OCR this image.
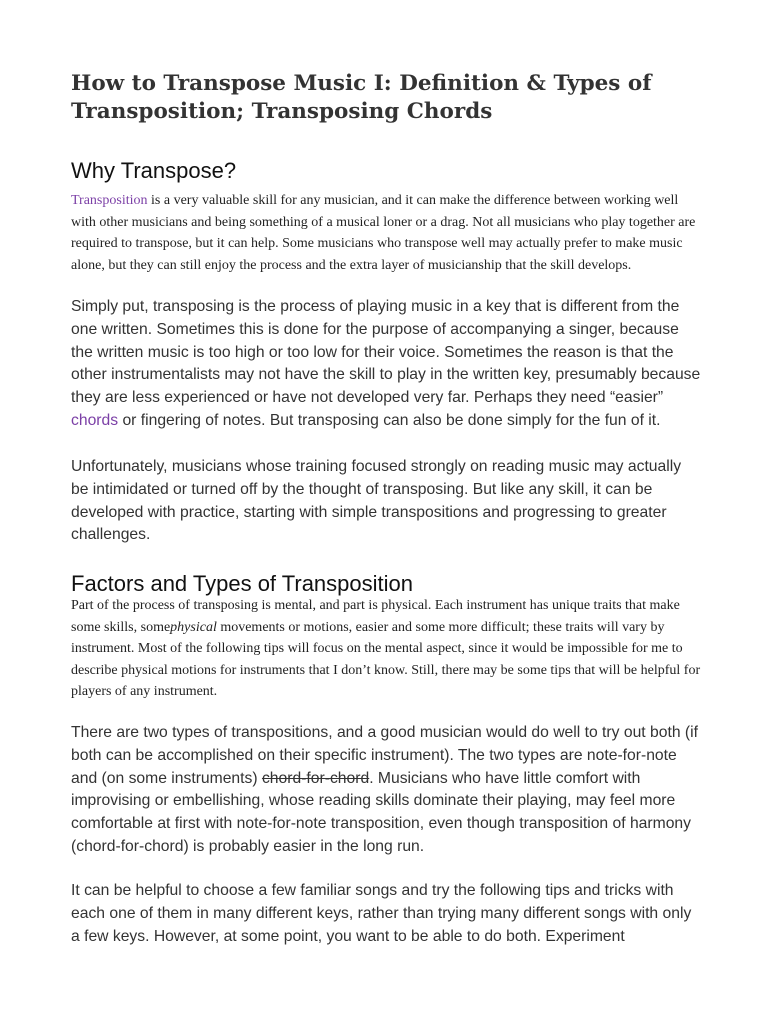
How to Transpose Music I: Definition & Types of Transposition; Transposing Chords
Why Transpose?

Transposition is a very valuable skill for any musician, and it can make the difference between working well with other musicians and being something of a musical loner or a drag. Not all musicians who play together are required to transpose, but it can help. Some musicians who transpose well may actually prefer to make music alone, but they can still enjoy the process and the extra layer of musicianship that the skill develops.

Simply put, transposing is the process of playing music in a key that is different from the one written. Sometimes this is done for the purpose of accompanying a singer, because the written music is too high or too low for their voice. Sometimes the reason is that the other instrumentalists may not have the skill to play in the written key, presumably because they are less experienced or have not developed very far. Perhaps they need “easier” chords or fingering of notes. But transposing can also be done simply for the fun of it.

Unfortunately, musicians whose training focused strongly on reading music may actually be intimidated or turned off by the thought of transposing. But like any skill, it can be developed with practice, starting with simple transpositions and progressing to greater challenges.

Factors and Types of Transposition

Part of the process of transposing is mental, and part is physical. Each instrument has unique traits that make some skills, somephysical movements or motions, easier and some more difficult; these traits will vary by instrument. Most of the following tips will focus on the mental aspect, since it would be impossible for me to describe physical motions for instruments that I don’t know. Still, there may be some tips that will be helpful for players of any instrument.

There are two types of transpositions, and a good musician would do well to try out both (if both can be accomplished on their specific instrument). The two types are note-for-note and (on some instruments) chord-for-chord. Musicians who have little comfort with improvising or embellishing, whose reading skills dominate their playing, may feel more comfortable at first with note-for-note transposition, even though transposition of harmony (chord-for-chord) is probably easier in the long run.

It can be helpful to choose a few familiar songs and try the following tips and tricks with each one of them in many different keys, rather than trying many different songs with only a few keys. However, at some point, you want to be able to do both. Experiment
